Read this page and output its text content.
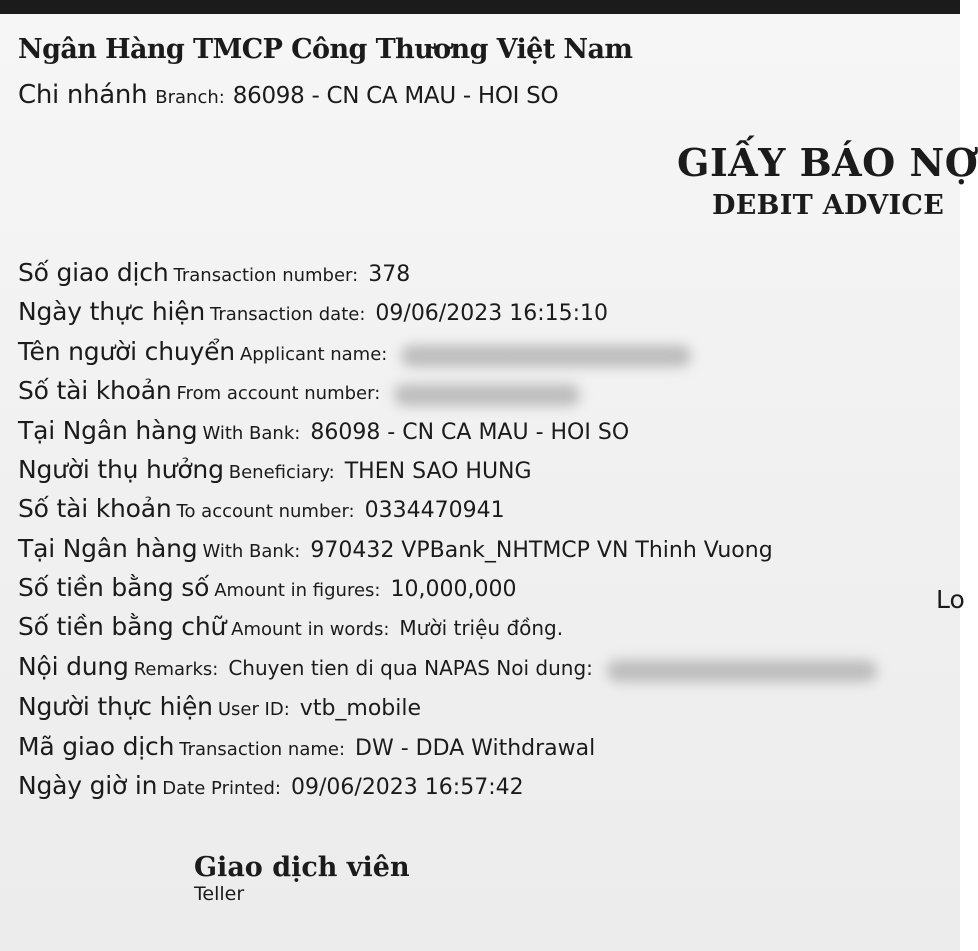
Ngân Hàng TMCP Công Thương Việt Nam
Chi nhánh Branch: 86098 - CN CA MAU - HOI SO
GIẤY BÁO NỢ
DEBIT ADVICE
Lo
Số giao dịch Transaction number: 378
Ngày thực hiện Transaction date: 09/06/2023 16:15:10
Tên người chuyển Applicant name:
Số tài khoản From account number:
Tại Ngân hàng With Bank: 86098 - CN CA MAU - HOI SO
Người thụ hưởng Beneficiary: THEN SAO HUNG
Số tài khoản To account number: 0334470941
Tại Ngân hàng With Bank: 970432 VPBank_NHTMCP VN Thinh Vuong
Số tiền bằng số Amount in figures: 10,000,000
Số tiền bằng chữ Amount in words: Mười triệu đồng.
Nội dung Remarks: Chuyen tien di qua NAPAS Noi dung:
Người thực hiện User ID: vtb_mobile
Mã giao dịch Transaction name: DW - DDA Withdrawal
Ngày giờ in Date Printed: 09/06/2023 16:57:42
Giao dịch viên
Teller
